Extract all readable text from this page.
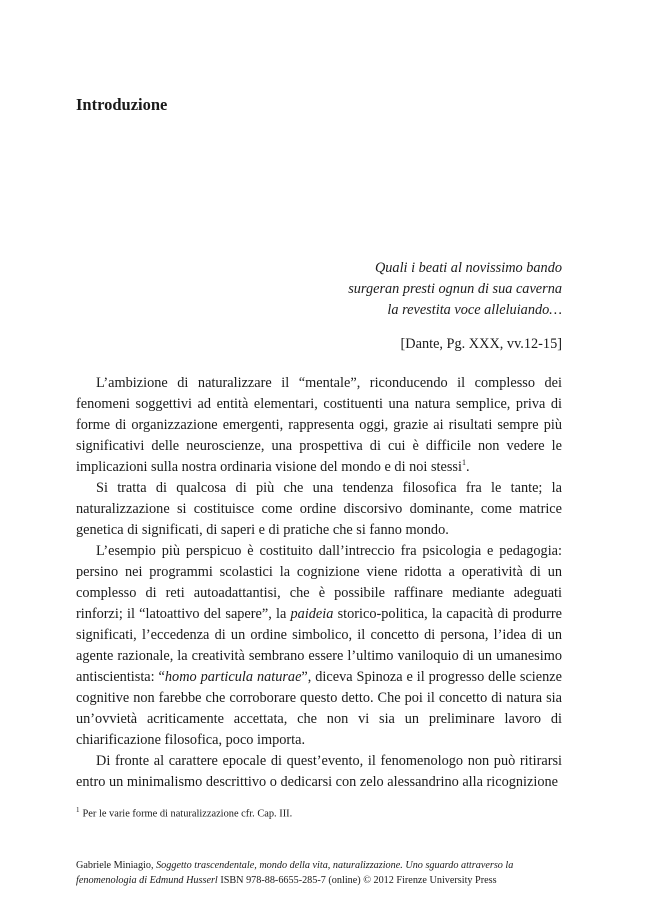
Introduzione
Quali i beati al novissimo bando
surgeran presti ognun di sua caverna
la revestita voce alleluiando…
[Dante, Pg. XXX, vv.12-15]

L’ambizione di naturalizzare il “mentale”, riconducendo il complesso dei fenomeni soggettivi ad entità elementari, costituenti una natura semplice, priva di forme di organizzazione emergenti, rappresenta oggi, grazie ai risultati sempre più significativi delle neuroscienze, una prospettiva di cui è difficile non vedere le implicazioni sulla nostra ordinaria visione del mondo e di noi stessi$^1$.

Si tratta di qualcosa di più che una tendenza filosofica fra le tante; la naturalizzazione si costituisce come ordine discorsivo dominante, come matrice genetica di significati, di saperi e di pratiche che si fanno mondo.

L’esempio più perspicuo è costituito dall’intreccio fra psicologia e pedagogia: persino nei programmi scolastici la cognizione viene ridotta a operatività di un complesso di reti autoadattantisi, che è possibile raffinare mediante adeguati rinforzi; il “latoattivo del sapere”, la paideia storico-politica, la capacità di produrre significati, l’eccedenza di un ordine simbolico, il concetto di persona, l’idea di un agente razionale, la creatività sembrano essere l’ultimo vaniloquio di un umanesimo antiscientista: “homo particula naturae”, diceva Spinoza e il progresso delle scienze cognitive non farebbe che corroborare questo detto. Che poi il concetto di natura sia un’ovvietà acriticamente accettata, che non vi sia un preliminare lavoro di chiarificazione filosofica, poco importa.

Di fronte al carattere epocale di quest’evento, il fenomenologo non può ritirarsi entro un minimalismo descrittivo o dedicarsi con zelo alessandrino alla ricognizione

$^1$ Per le varie forme di naturalizzazione cfr. Cap. III.
Gabriele Miniagio, Soggetto trascendentale, mondo della vita, naturalizzazione. Uno sguardo attraverso la fenomenologia di Edmund Husserl ISBN 978-88-6655-285-7 (online) © 2012 Firenze University Press
